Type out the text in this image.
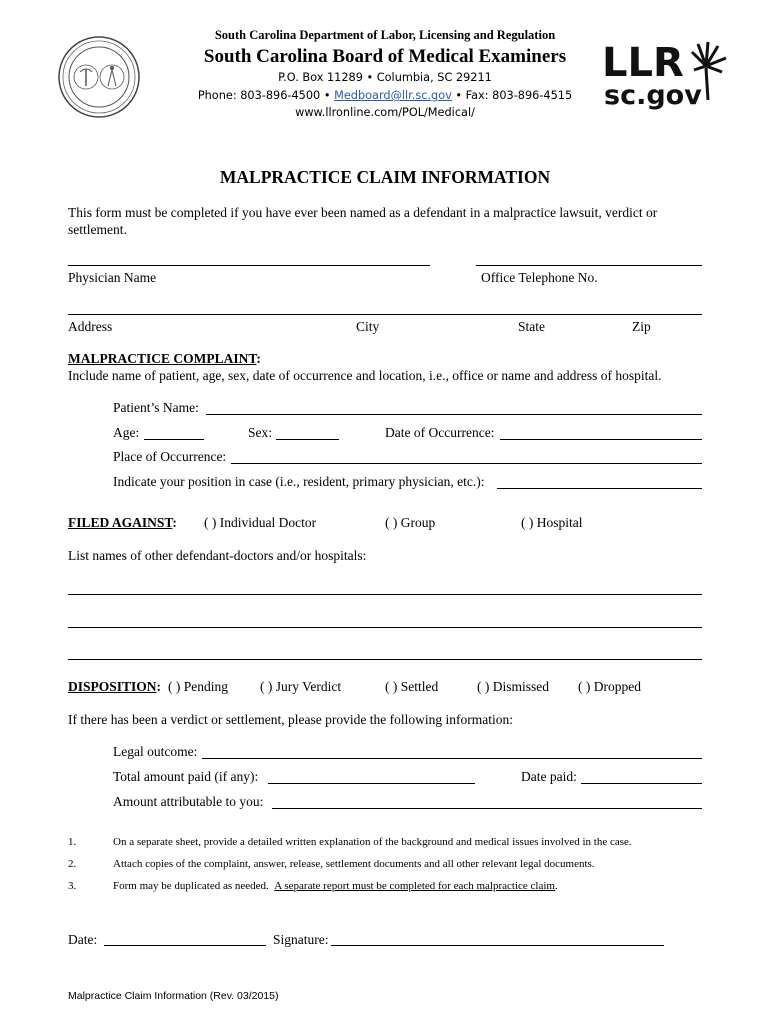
South Carolina Department of Labor, Licensing and Regulation
South Carolina Board of Medical Examiners
P.O. Box 11289 • Columbia, SC 29211
Phone: 803-896-4500 • Medboard@llr.sc.gov • Fax: 803-896-4515
www.llronline.com/POL/Medical/
LLR
sc.gov
MALPRACTICE CLAIM INFORMATION
This form must be completed if you have ever been named as a defendant in a malpractice lawsuit, verdict or
settlement.
Physician Name	Office Telephone No.
Address	City	State	Zip
MALPRACTICE COMPLAINT:
Include name of patient, age, sex, date of occurrence and location, i.e., office or name and address of hospital.
Patient’s Name:
Age:	Sex:	Date of Occurrence:
Place of Occurrence:
Indicate your position in case (i.e., resident, primary physician, etc.):
FILED AGAINST: ( ) Individual Doctor	( ) Group	( ) Hospital
List names of other defendant-doctors and/or hospitals:
DISPOSITION: ( ) Pending ( ) Jury Verdict	( ) Settled	( ) Dismissed ( ) Dropped
If there has been a verdict or settlement, please provide the following information:
Legal outcome:
Total amount paid (if any):	Date paid:
Amount attributable to you:
1.	On a separate sheet, provide a detailed written explanation of the background and medical issues involved in the case.
2.	Attach copies of the complaint, answer, release, settlement documents and all other relevant legal documents.
3.	Form may be duplicated as needed. A separate report must be completed for each malpractice claim.
Date:	Signature:
Malpractice Claim Information (Rev. 03/2015)
